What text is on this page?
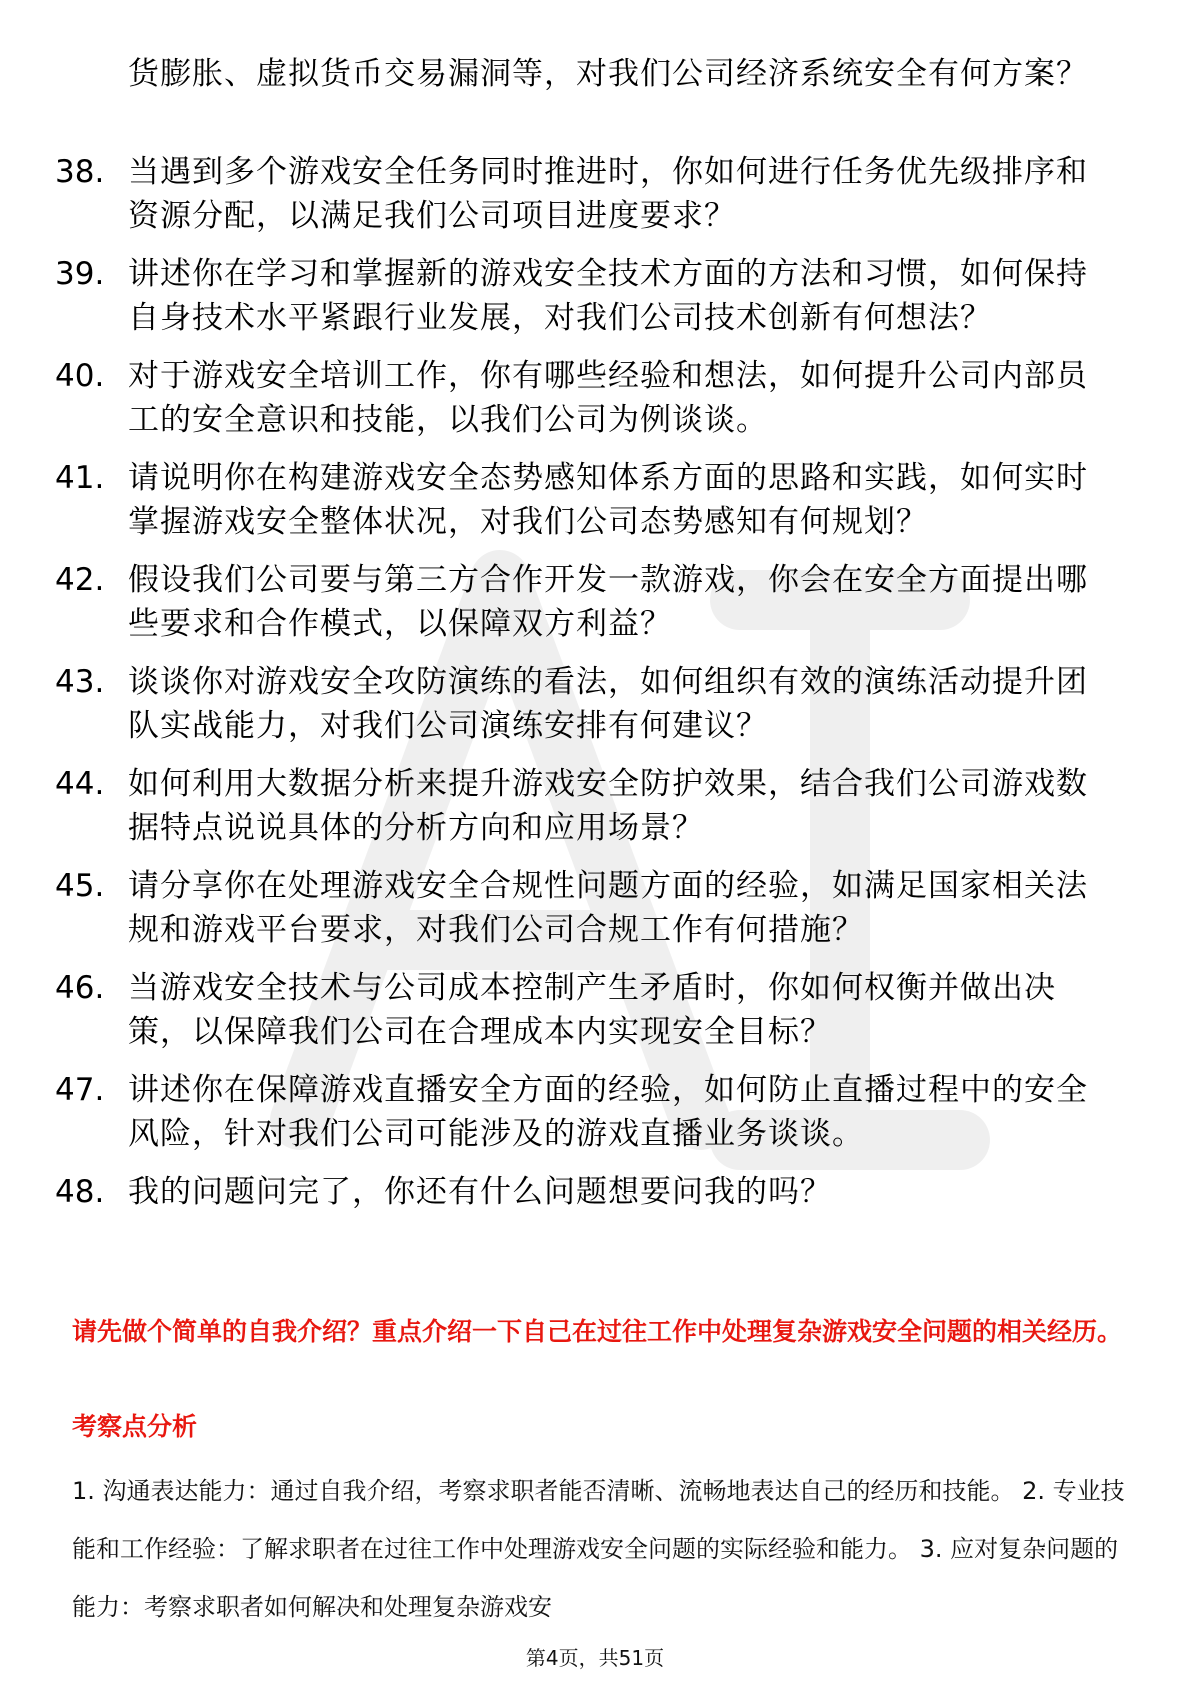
货膨胀、虚拟货币交易漏洞等，对我们公司经济系统安全有何方案？
38. 当遇到多个游戏安全任务同时推进时，你如何进行任务优先级排序和资源分配，以满足我们公司项目进度要求？
39. 讲述你在学习和掌握新的游戏安全技术方面的方法和习惯，如何保持自身技术水平紧跟行业发展，对我们公司技术创新有何想法？
40. 对于游戏安全培训工作，你有哪些经验和想法，如何提升公司内部员工的安全意识和技能，以我们公司为例谈谈。
41. 请说明你在构建游戏安全态势感知体系方面的思路和实践，如何实时掌握游戏安全整体状况，对我们公司态势感知有何规划？
42. 假设我们公司要与第三方合作开发一款游戏，你会在安全方面提出哪些要求和合作模式，以保障双方利益？
43. 谈谈你对游戏安全攻防演练的看法，如何组织有效的演练活动提升团队实战能力，对我们公司演练安排有何建议？
44. 如何利用大数据分析来提升游戏安全防护效果，结合我们公司游戏数据特点说说具体的分析方向和应用场景？
45. 请分享你在处理游戏安全合规性问题方面的经验，如满足国家相关法规和游戏平台要求，对我们公司合规工作有何措施？
46. 当游戏安全技术与公司成本控制产生矛盾时，你如何权衡并做出决策，以保障我们公司在合理成本内实现安全目标？
47. 讲述你在保障游戏直播安全方面的经验，如何防止直播过程中的安全风险，针对我们公司可能涉及的游戏直播业务谈谈。
48. 我的问题问完了，你还有什么问题想要问我的吗？
请先做个简单的自我介绍？重点介绍一下自己在过往工作中处理复杂游戏安全问题的相关经历。
考察点分析
1. 沟通表达能力：通过自我介绍，考察求职者能否清晰、流畅地表达自己的经历和技能。 2. 专业技能和工作经验：了解求职者在过往工作中处理游戏安全问题的实际经验和能力。 3. 应对复杂问题的能力：考察求职者如何解决和处理复杂游戏安
第4页，共51页
